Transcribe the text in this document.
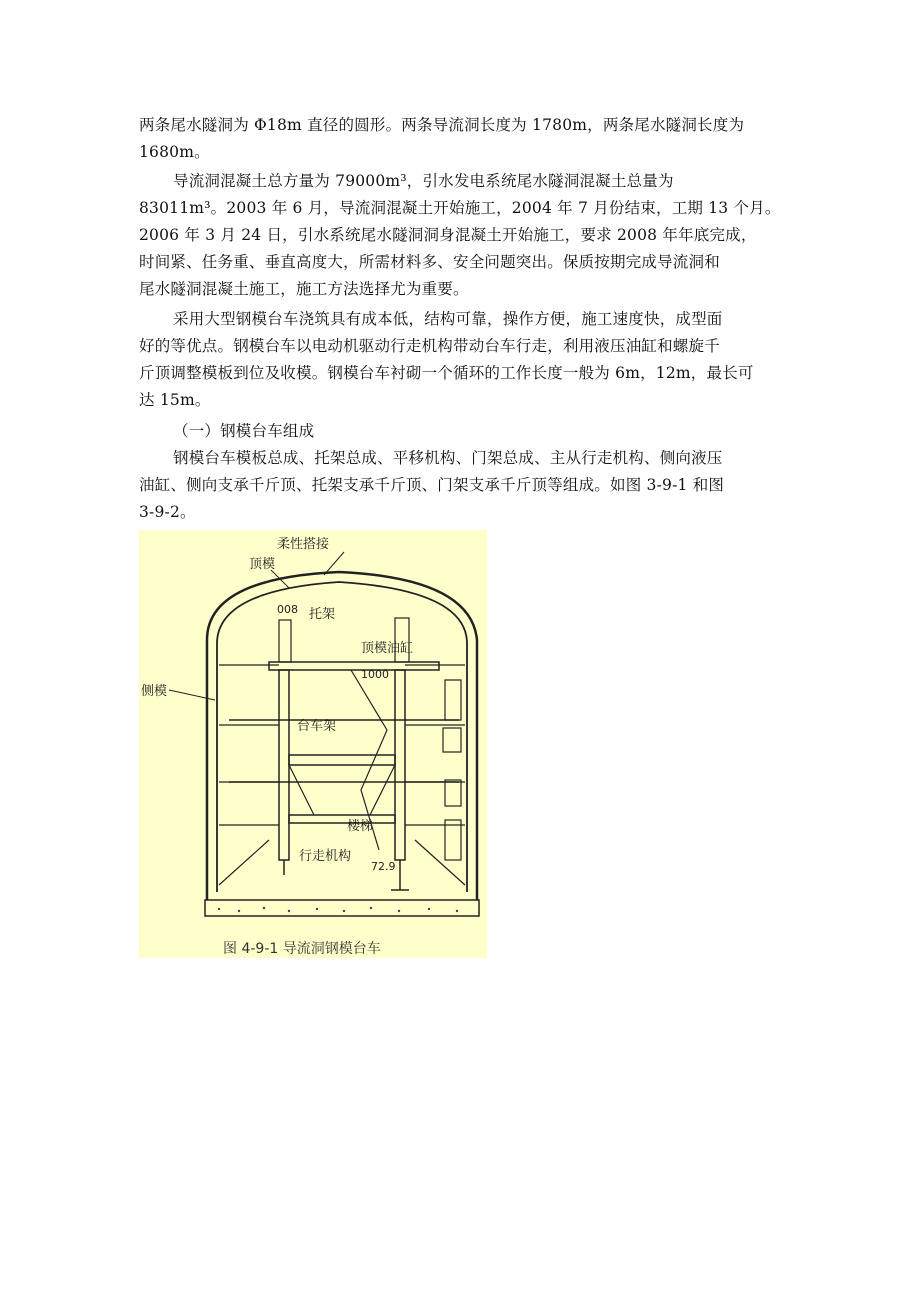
两条尾水隧洞为 Φ18m 直径的圆形。两条导流洞长度为 1780m，两条尾水隧洞长度为
1680m。

导流洞混凝土总方量为 79000m³，引水发电系统尾水隧洞混凝土总量为
83011m³。2003 年 6 月，导流洞混凝土开始施工，2004 年 7 月份结束，工期 13 个月。
2006 年 3 月 24 日，引水系统尾水隧洞洞身混凝土开始施工，要求 2008 年年底完成，
时间紧、任务重、垂直高度大，所需材料多、安全问题突出。保质按期完成导流洞和
尾水隧洞混凝土施工，施工方法选择尤为重要。

采用大型钢模台车浇筑具有成本低，结构可靠，操作方便，施工速度快，成型面
好的等优点。钢模台车以电动机驱动行走机构带动台车行走，利用液压油缸和螺旋千
斤顶调整模板到位及收模。钢模台车衬砌一个循环的工作长度一般为 6m，12m，最长可
达 15m。

（一）钢模台车组成

钢模台车模板总成、托架总成、平移机构、门架总成、主从行走机构、侧向液压
油缸、侧向支承千斤顶、托架支承千斤顶、门架支承千斤顶等组成。如图 3-9-1 和图
3-9-2。

柔性搭接
顶模
008 托架
顶模油缸
1000
侧模
台车架
楼梯
行走机构
72.9
图 4-9-1 导流洞钢模台车
